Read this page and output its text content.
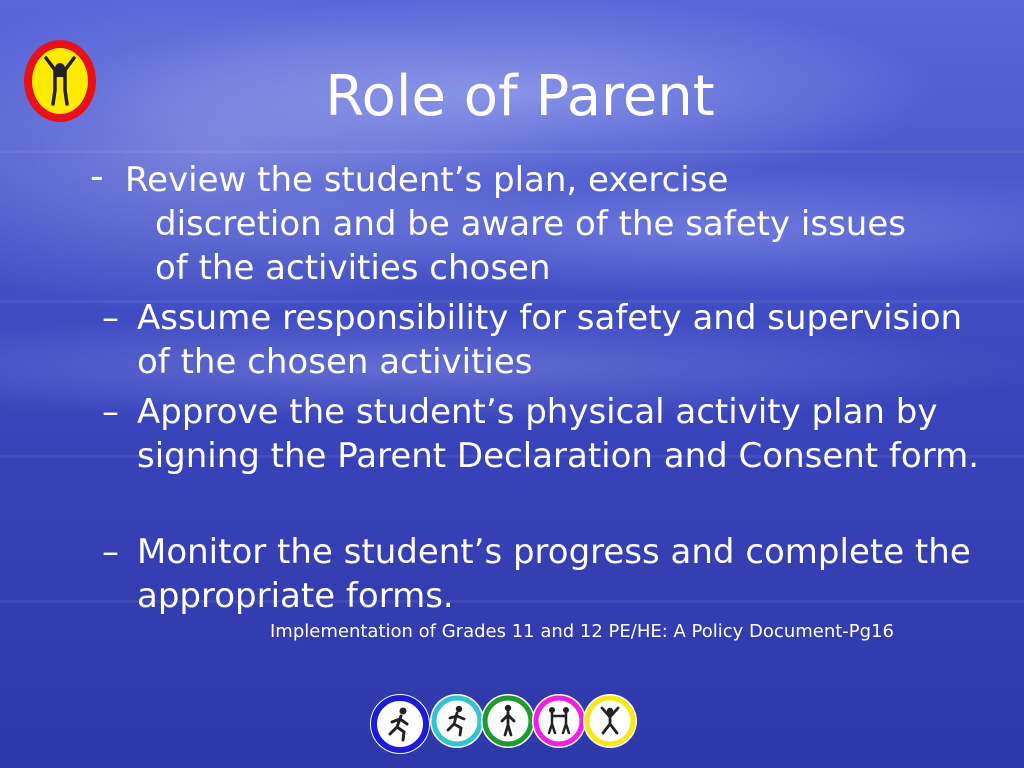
Role of Parent
- Review the student’s plan, exercise
discretion and be aware of the safety issues
of the activities chosen
– Assume responsibility for safety and supervision of the chosen activities
– Approve the student’s physical activity plan by signing the Parent Declaration and Consent form.
– Monitor the student’s progress and complete the appropriate forms.
Implementation of Grades 11 and 12 PE/HE: A Policy Document-Pg16
